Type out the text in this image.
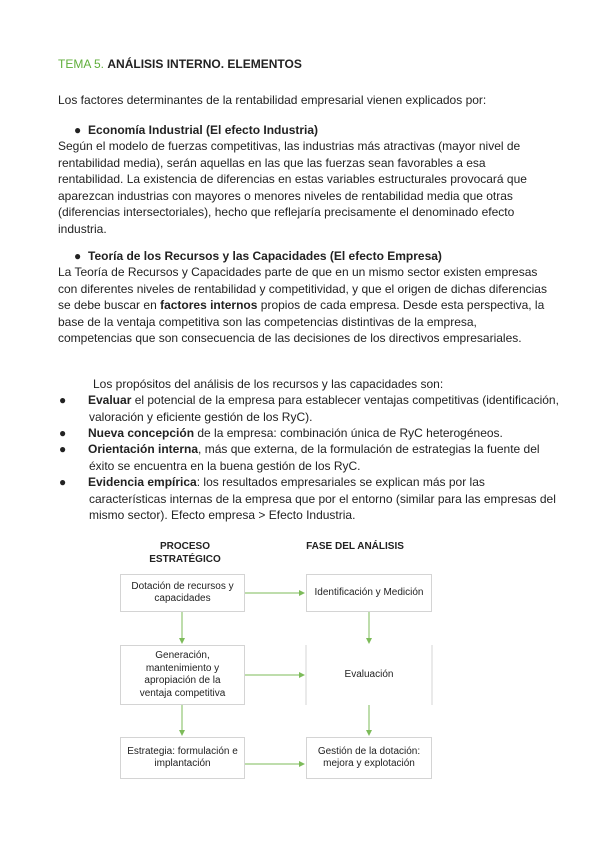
TEMA 5. ANÁLISIS INTERNO. ELEMENTOS

Los factores determinantes de la rentabilidad empresarial vienen explicados por:

● Economía Industrial (El efecto Industria)

Según el modelo de fuerzas competitivas, las industrias más atractivas (mayor nivel de rentabilidad media), serán aquellas en las que las fuerzas sean favorables a esa rentabilidad. La existencia de diferencias en estas variables estructurales provocará que aparezcan industrias con mayores o menores niveles de rentabilidad media que otras (diferencias intersectoriales), hecho que reflejaría precisamente el denominado efecto industria.

● Teoría de los Recursos y las Capacidades (El efecto Empresa)

La Teoría de Recursos y Capacidades parte de que en un mismo sector existen empresas con diferentes niveles de rentabilidad y competitividad, y que el origen de dichas diferencias se debe buscar en factores internos propios de cada empresa. Desde esta perspectiva, la base de la ventaja competitiva son las competencias distintivas de la empresa, competencias que son consecuencia de las decisiones de los directivos empresariales.

Los propósitos del análisis de los recursos y las capacidades son:

● Evaluar el potencial de la empresa para establecer ventajas competitivas (identificación, valoración y eficiente gestión de los RyC).
● Nueva concepción de la empresa: combinación única de RyC heterogéneos.
● Orientación interna, más que externa, de la formulación de estrategias la fuente del éxito se encuentra en la buena gestión de los RyC.
● Evidencia empírica: los resultados empresariales se explican más por las características internas de la empresa que por el entorno (similar para las empresas del mismo sector). Efecto empresa > Efecto Industria.
PROCESO ESTRATÉGICO
FASE DEL ANÁLISIS
Dotación de recursos y capacidades
Generación, mantenimiento y apropiación de la ventaja competitiva
Estrategia: formulación e implantación
Identificación y Medición
Evaluación
Gestión de la dotación: mejora y explotación
